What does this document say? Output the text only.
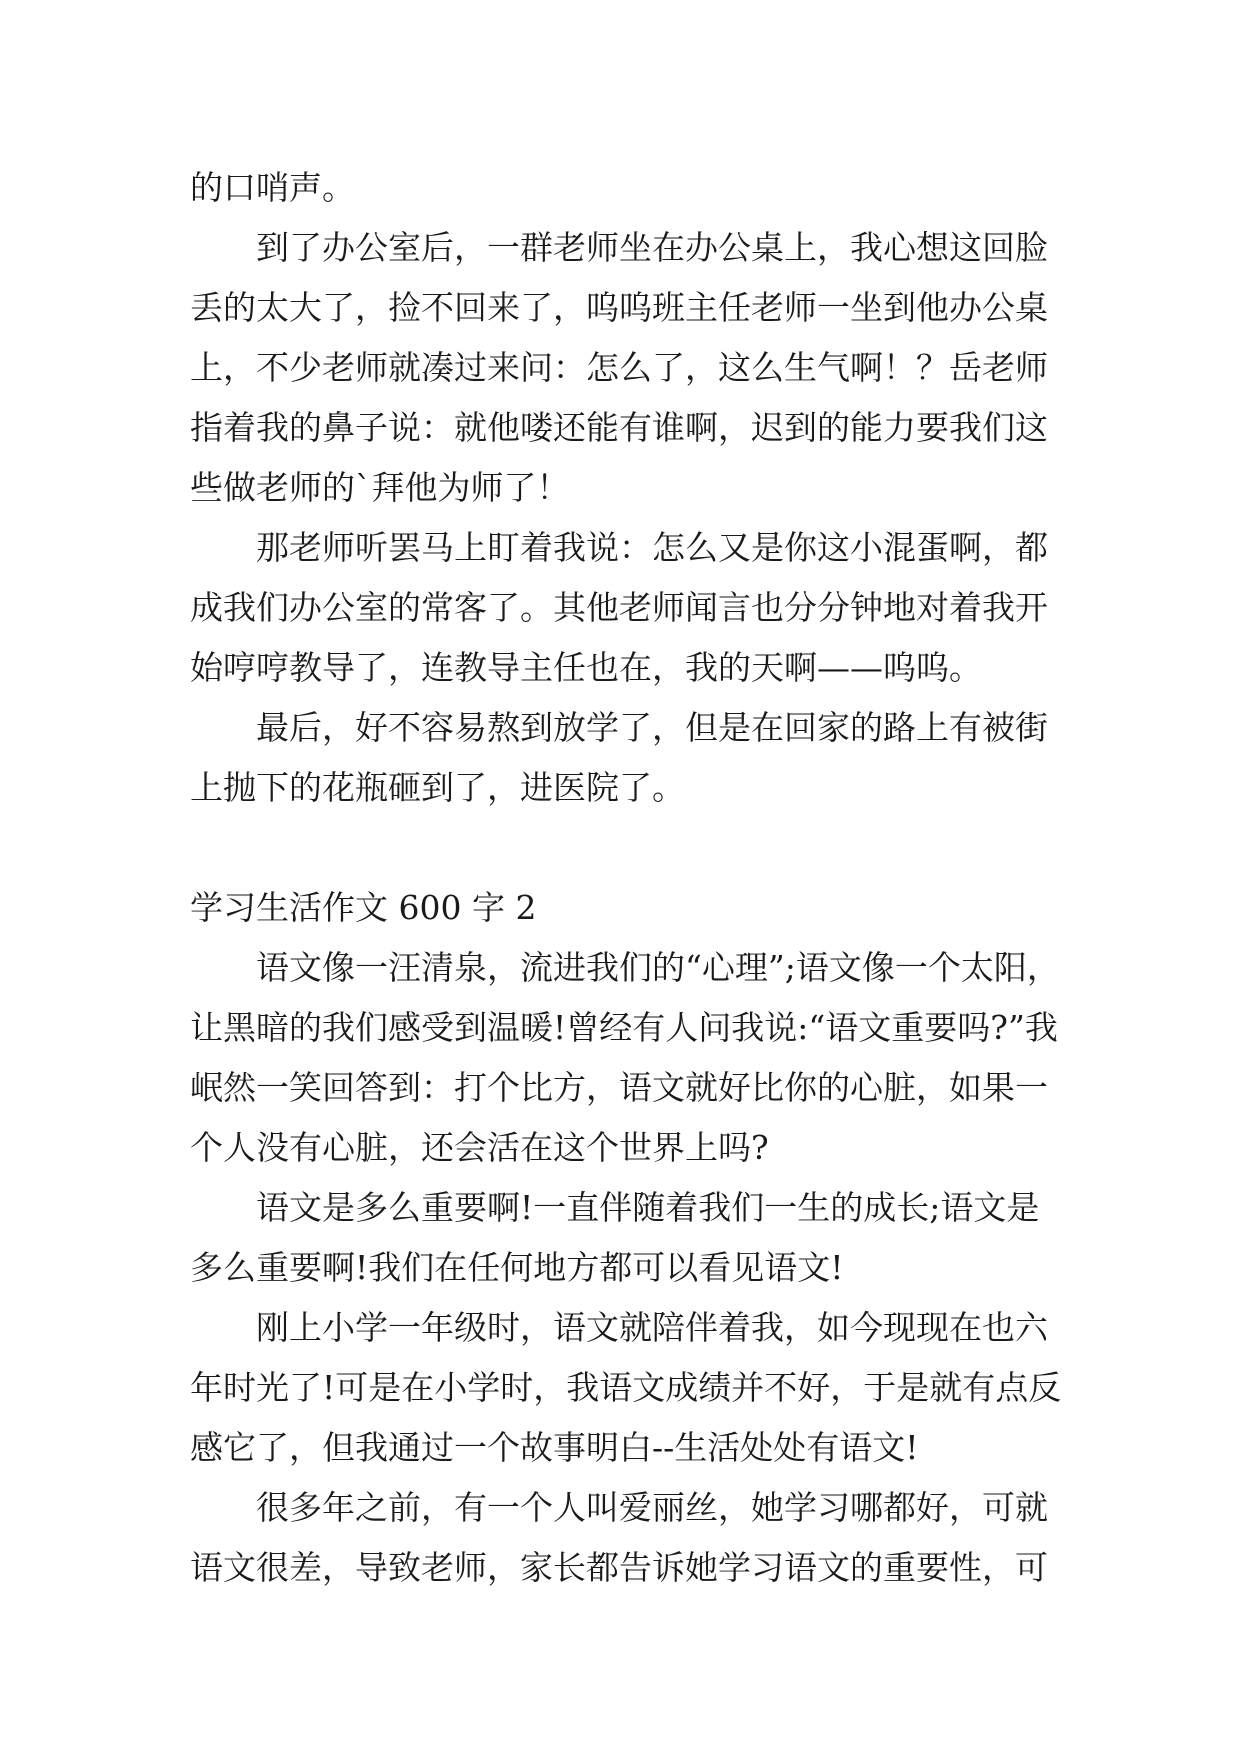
的口哨声。

到了办公室后，一群老师坐在办公桌上，我心想这回脸丢的太大了，捡不回来了，呜呜班主任老师一坐到他办公桌上，不少老师就凑过来问：怎么了，这么生气啊！？岳老师指着我的鼻子说：就他喽还能有谁啊，迟到的能力要我们这些做老师的`拜他为师了！

那老师听罢马上盯着我说：怎么又是你这小混蛋啊，都成我们办公室的常客了。其他老师闻言也分分钟地对着我开始哼哼教导了，连教导主任也在，我的天啊——呜呜。

最后，好不容易熬到放学了，但是在回家的路上有被街上抛下的花瓶砸到了，进医院了。

学习生活作文 600 字 2

语文像一汪清泉，流进我们的“心理”;语文像一个太阳，让黑暗的我们感受到温暖!曾经有人问我说:“语文重要吗?”我岷然一笑回答到：打个比方，语文就好比你的心脏，如果一个人没有心脏，还会活在这个世界上吗?

语文是多么重要啊!一直伴随着我们一生的成长;语文是多么重要啊!我们在任何地方都可以看见语文!

刚上小学一年级时，语文就陪伴着我，如今现现在也六年时光了!可是在小学时，我语文成绩并不好，于是就有点反感它了，但我通过一个故事明白--生活处处有语文!

很多年之前，有一个人叫爱丽丝，她学习哪都好，可就语文很差，导致老师，家长都告诉她学习语文的重要性，可
